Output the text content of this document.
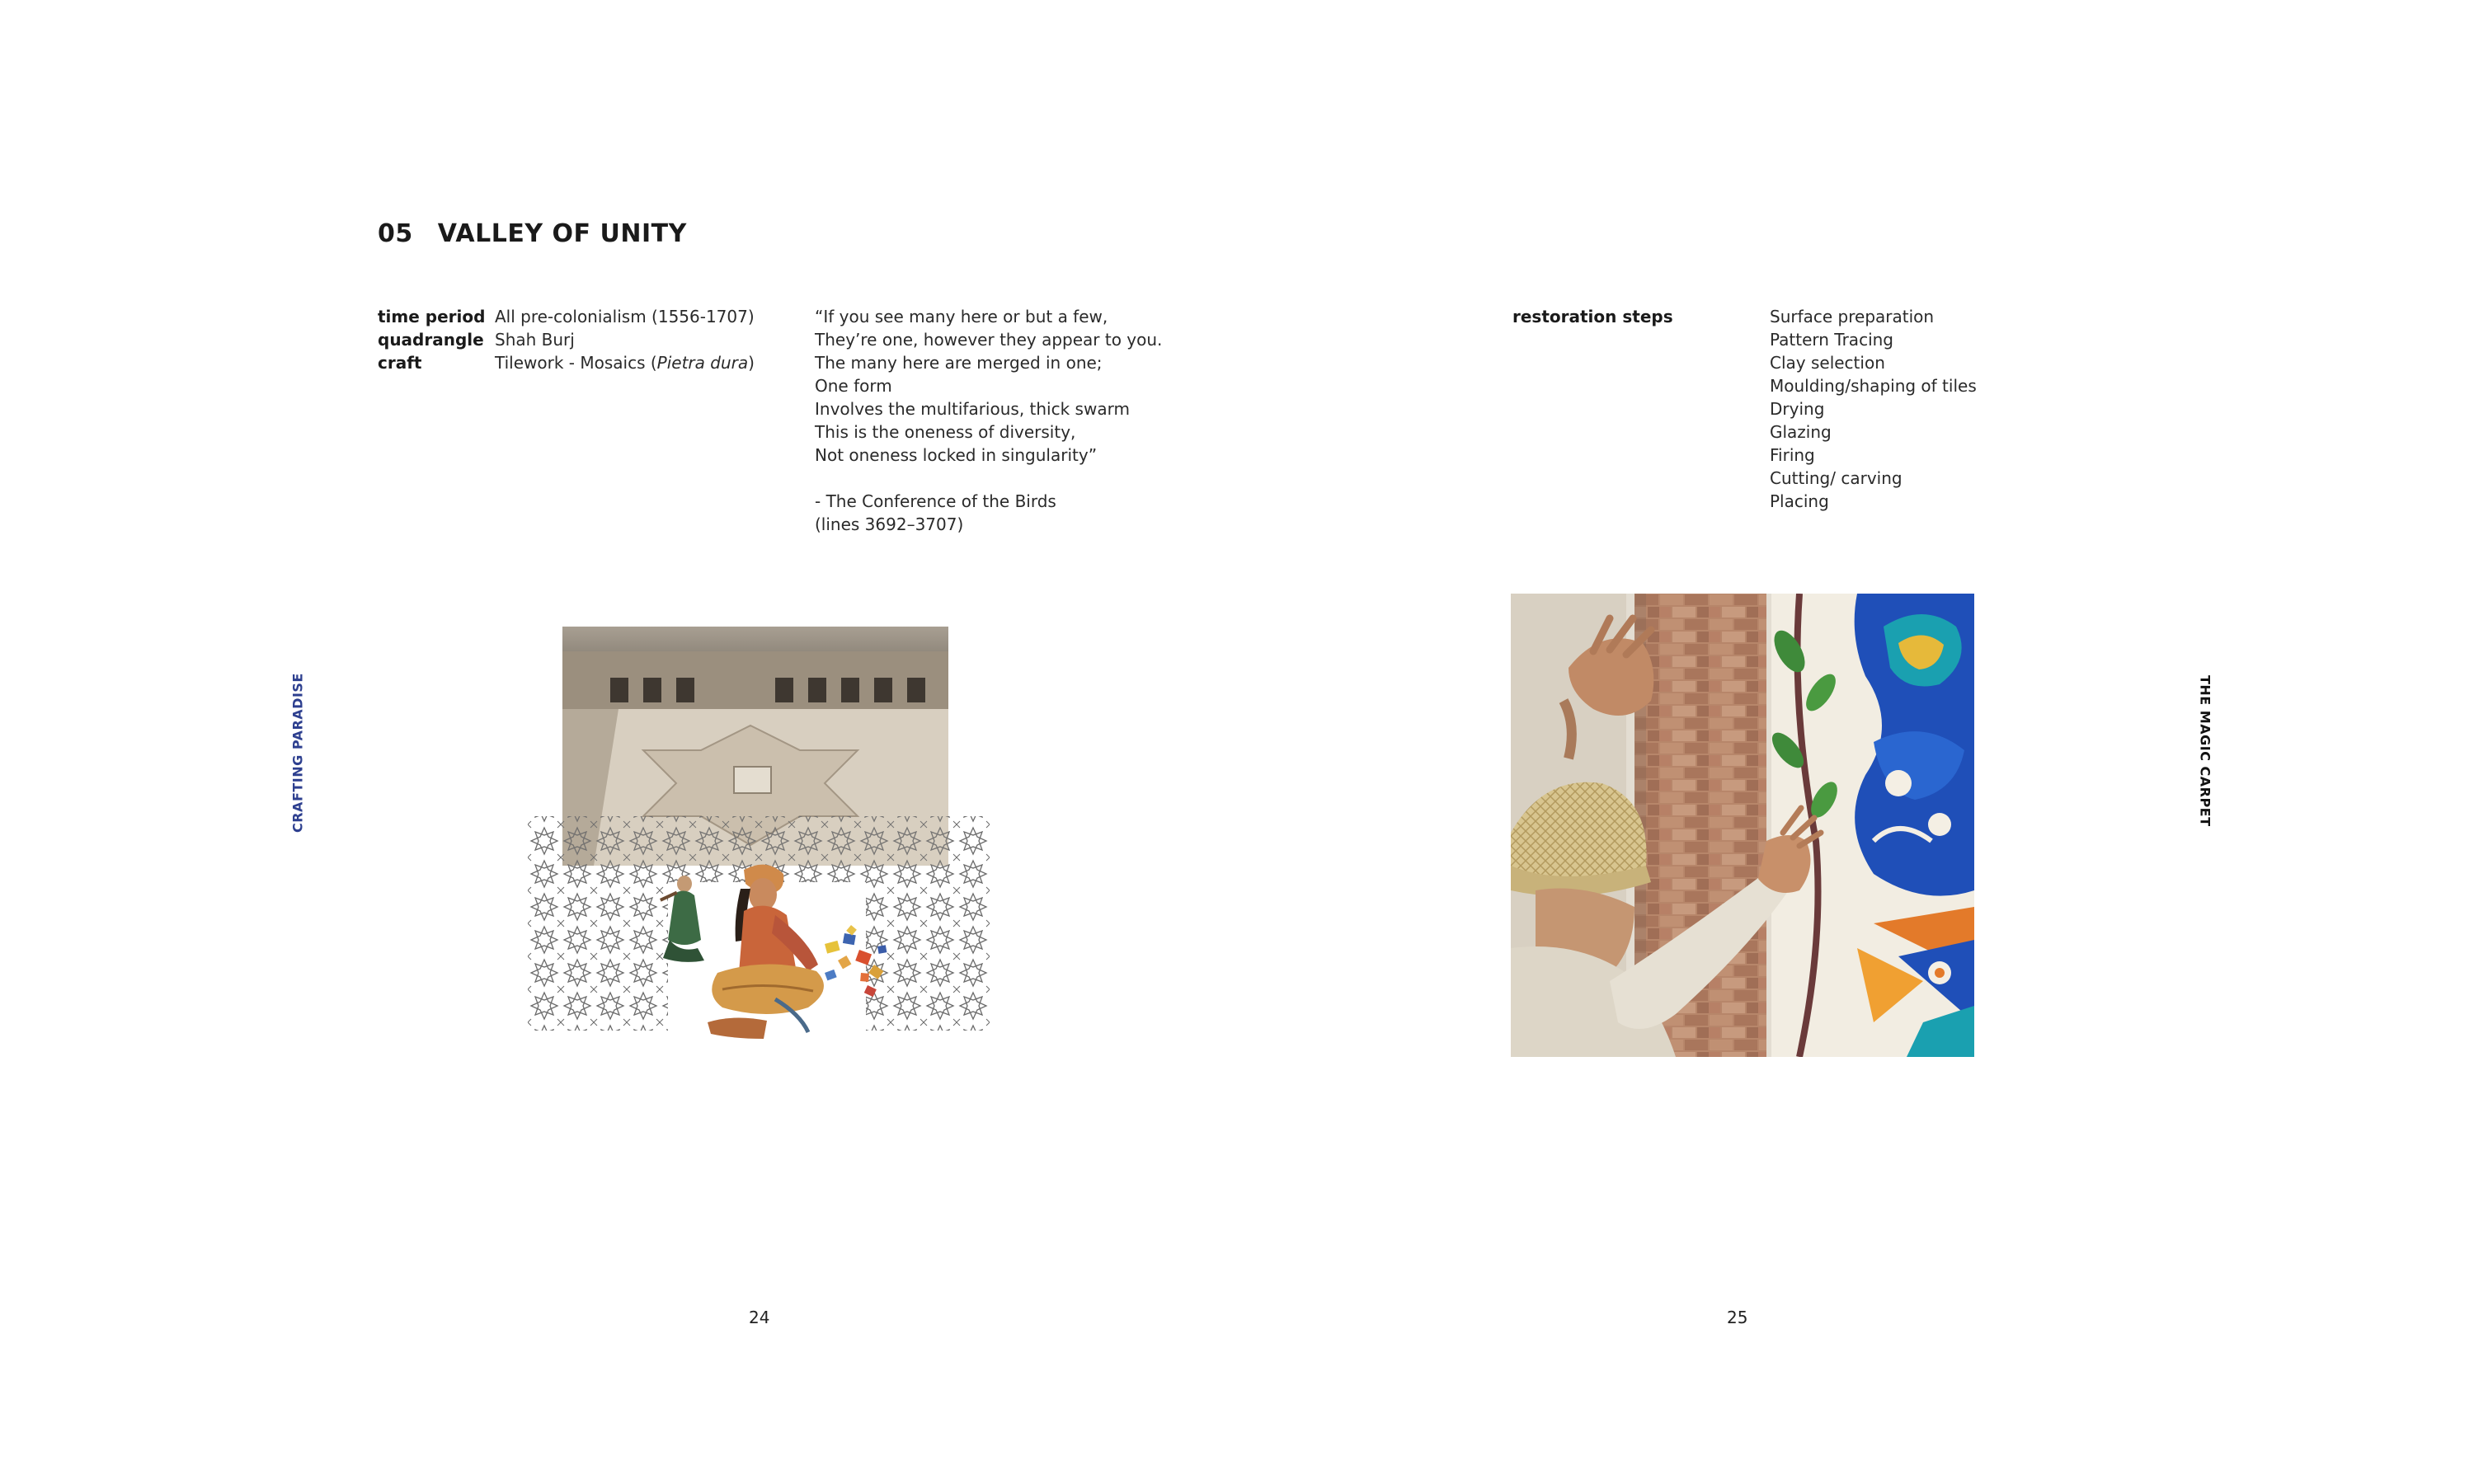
05 VALLEY OF UNITY
time period All pre-colonialism (1556-1707)
quadrangle Shah Burj
craft	Tilework - Mosaics (Pietra dura)
“If you see many here or but a few,
They’re one, however they appear to you.
The many here are merged in one;
One form
Involves the multifarious, thick swarm
This is the oneness of diversity,
Not oneness locked in singularity”
- The Conference of the Birds
(lines 3692–3707)
CRAFTING PARADISE
24
restoration steps	Surface preparation
Pattern Tracing
Clay selection
Moulding/shaping of tiles
Drying
Glazing
Firing
Cutting/ carving
Placing
THE MAGIC CARPET
25
